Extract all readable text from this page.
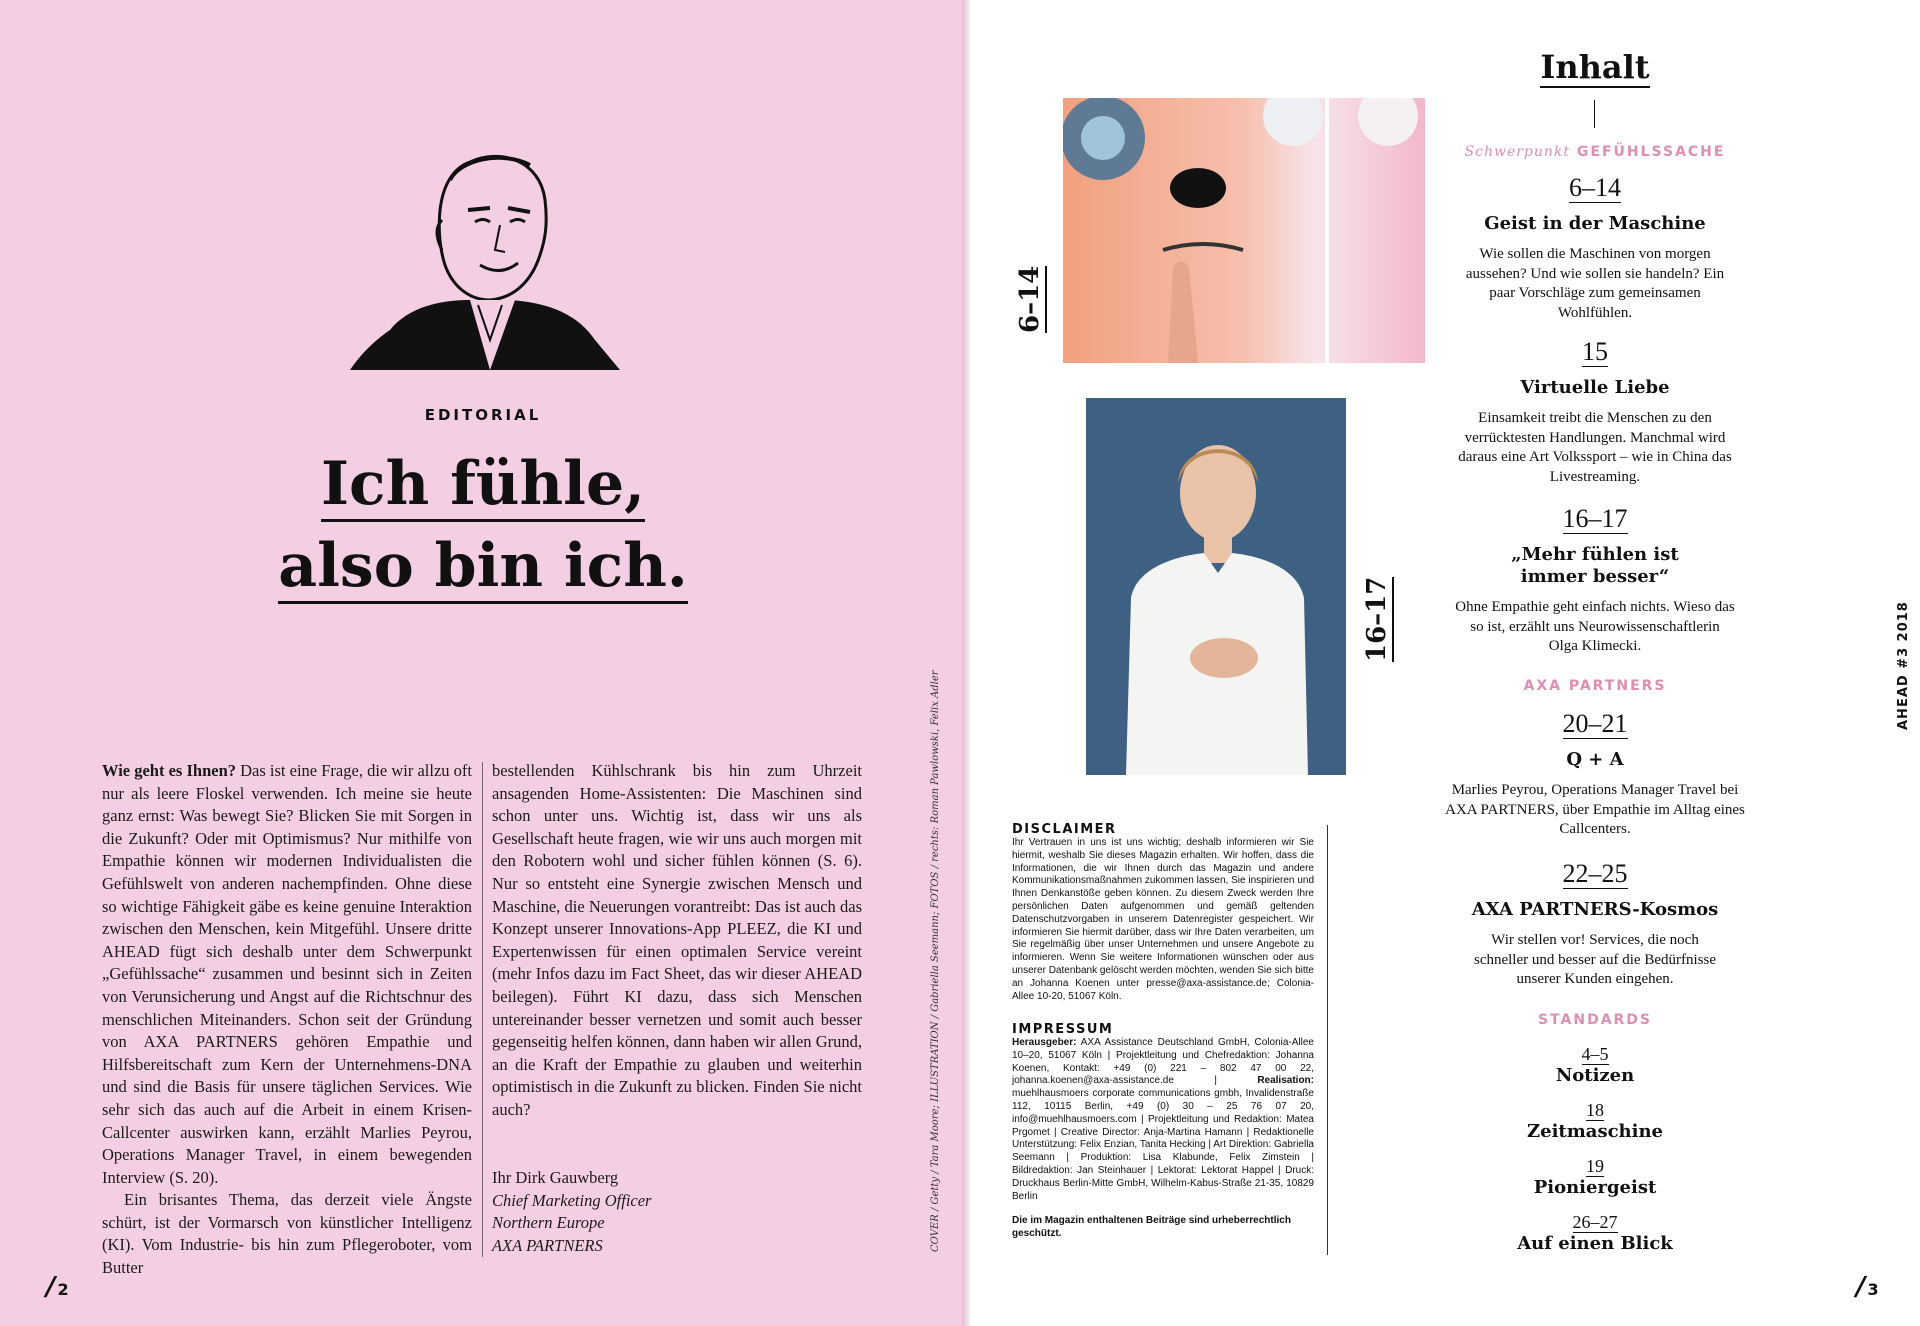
EDITORIAL
Ich fühle,
also bin ich.

Wie geht es Ihnen? Das ist eine Frage, die wir allzu oft nur als leere Floskel verwenden. Ich meine sie heute ganz ernst: Was bewegt Sie? Blicken Sie mit Sorgen in die Zukunft? Oder mit Optimismus? Nur mithilfe von Empathie können wir modernen Individualisten die Gefühlswelt von anderen nachempfinden. Ohne diese so wichtige Fähigkeit gäbe es keine genuine Interaktion zwischen den Menschen, kein Mitgefühl. Unsere dritte AHEAD fügt sich deshalb unter dem Schwerpunkt „Gefühlssache“ zusammen und besinnt sich in Zeiten von Verunsicherung und Angst auf die Richtschnur des menschlichen Miteinanders. Schon seit der Gründung von AXA PARTNERS gehören Empathie und Hilfsbereitschaft zum Kern der Unternehmens-DNA und sind die Basis für unsere täglichen Services. Wie sehr sich das auch auf die Arbeit in einem Krisen-Callcenter auswirken kann, erzählt Marlies Peyrou, Operations Manager Travel, in einem bewegenden Interview (S. 20).

Ein brisantes Thema, das derzeit viele Ängste schürt, ist der Vormarsch von künstlicher Intelligenz (KI). Vom Industrie- bis hin zum Pflegeroboter, vom Butter

bestellenden Kühlschrank bis hin zum Uhrzeit ansagenden Home-Assistenten: Die Maschinen sind schon unter uns. Wichtig ist, dass wir uns als Gesellschaft heute fragen, wie wir uns auch morgen mit den Robotern wohl und sicher fühlen können (S. 6). Nur so entsteht eine Synergie zwischen Mensch und Maschine, die Neuerungen vorantreibt: Das ist auch das Konzept unserer Innovations-App PLEEZ, die KI und Expertenwissen für einen optimalen Service vereint (mehr Infos dazu im Fact Sheet, das wir dieser AHEAD beilegen). Führt KI dazu, dass sich Menschen untereinander besser vernetzen und somit auch besser gegenseitig helfen können, dann haben wir allen Grund, an die Kraft der Empathie zu glauben und weiterhin optimistisch in die Zukunft zu blicken. Finden Sie nicht auch?

Ihr Dirk Gauwberg
Chief Marketing Officer
Northern Europe
AXA PARTNERS	COVER / Getty / Tara Moore; ILLUSTRATION / Gabriella Seemann; FOTOS / rechts: Roman Pawlowski, Felix Adler
/ 2
6–14
16–17
DISCLAIMER
Ihr Vertrauen in uns ist uns wichtig; deshalb informieren wir Sie hiermit, weshalb Sie dieses Magazin erhalten. Wir hoffen, dass die Informationen, die wir Ihnen durch das Magazin und andere Kommunikationsmaßnahmen zukommen lassen, Sie inspirieren und Ihnen Denkanstöße geben können. Zu diesem Zweck werden Ihre persönlichen Daten aufgenommen und gemäß geltenden Datenschutzvorgaben in unserem Datenregister gespeichert. Wir informieren Sie hiermit darüber, dass wir Ihre Daten verarbeiten, um Sie regelmäßig über unser Unternehmen und unsere Angebote zu informieren. Wenn Sie weitere Informationen wünschen oder aus unserer Datenbank gelöscht werden möchten, wenden Sie sich bitte an Johanna Koenen unter presse@axa-assistance.de; Colonia-Allee 10-20, 51067 Köln.
IMPRESSUM
Herausgeber: AXA Assistance Deutschland GmbH, Colonia-Allee 10–20, 51067 Köln | Projektleitung und Chefredaktion: Johanna Koenen, Kontakt: +49 (0) 221 – 802 47 00 22, johanna.koenen@axa-assistance.de | Realisation: muehlhausmoers corporate communications gmbh, Invalidenstraße 112, 10115 Berlin, +49 (0) 30 – 25 76 07 20, info@muehlhausmoers.com | Projektleitung und Redaktion: Matea Prgomet | Creative Director: Anja-Martina Hamann | Redaktionelle Unterstützung: Felix Enzian, Tanita Hecking | Art Direktion: Gabriella Seemann | Produktion: Lisa Klabunde, Felix Zimstein | Bildredaktion: Jan Steinhauer | Lektorat: Lektorat Happel | Druck: Druckhaus Berlin-Mitte GmbH, Wilhelm-Kabus-Straße 21-35, 10829 Berlin
Die im Magazin enthaltenen Beiträge sind urheberrechtlich geschützt.
Inhalt
Schwerpunkt GEFÜHLSSACHE
6–14
Geist in der Maschine
Wie sollen die Maschinen von morgen aussehen? Und wie sollen sie handeln? Ein paar Vorschläge zum gemeinsamen Wohlfühlen.
15
Virtuelle Liebe
Einsamkeit treibt die Menschen zu den verrücktesten Handlungen. Manchmal wird daraus eine Art Volkssport – wie in China das Livestreaming.
16–17
„Mehr fühlen ist immer besser“
Ohne Empathie geht einfach nichts. Wieso das so ist, erzählt uns Neurowissenschaftlerin Olga Klimecki.
AXA PARTNERS
20–21
Q + A
Marlies Peyrou, Operations Manager Travel bei AXA PARTNERS, über Empathie im Alltag eines Callcenters.
22–25
AXA PARTNERS-Kosmos
Wir stellen vor! Services, die noch schneller und besser auf die Bedürfnisse unserer Kunden eingehen.
STANDARDS
4–5
Notizen
18
Zeitmaschine
19
Pioniergeist
26–27
Auf einen Blick
AHEAD #3 2018
/ 3
